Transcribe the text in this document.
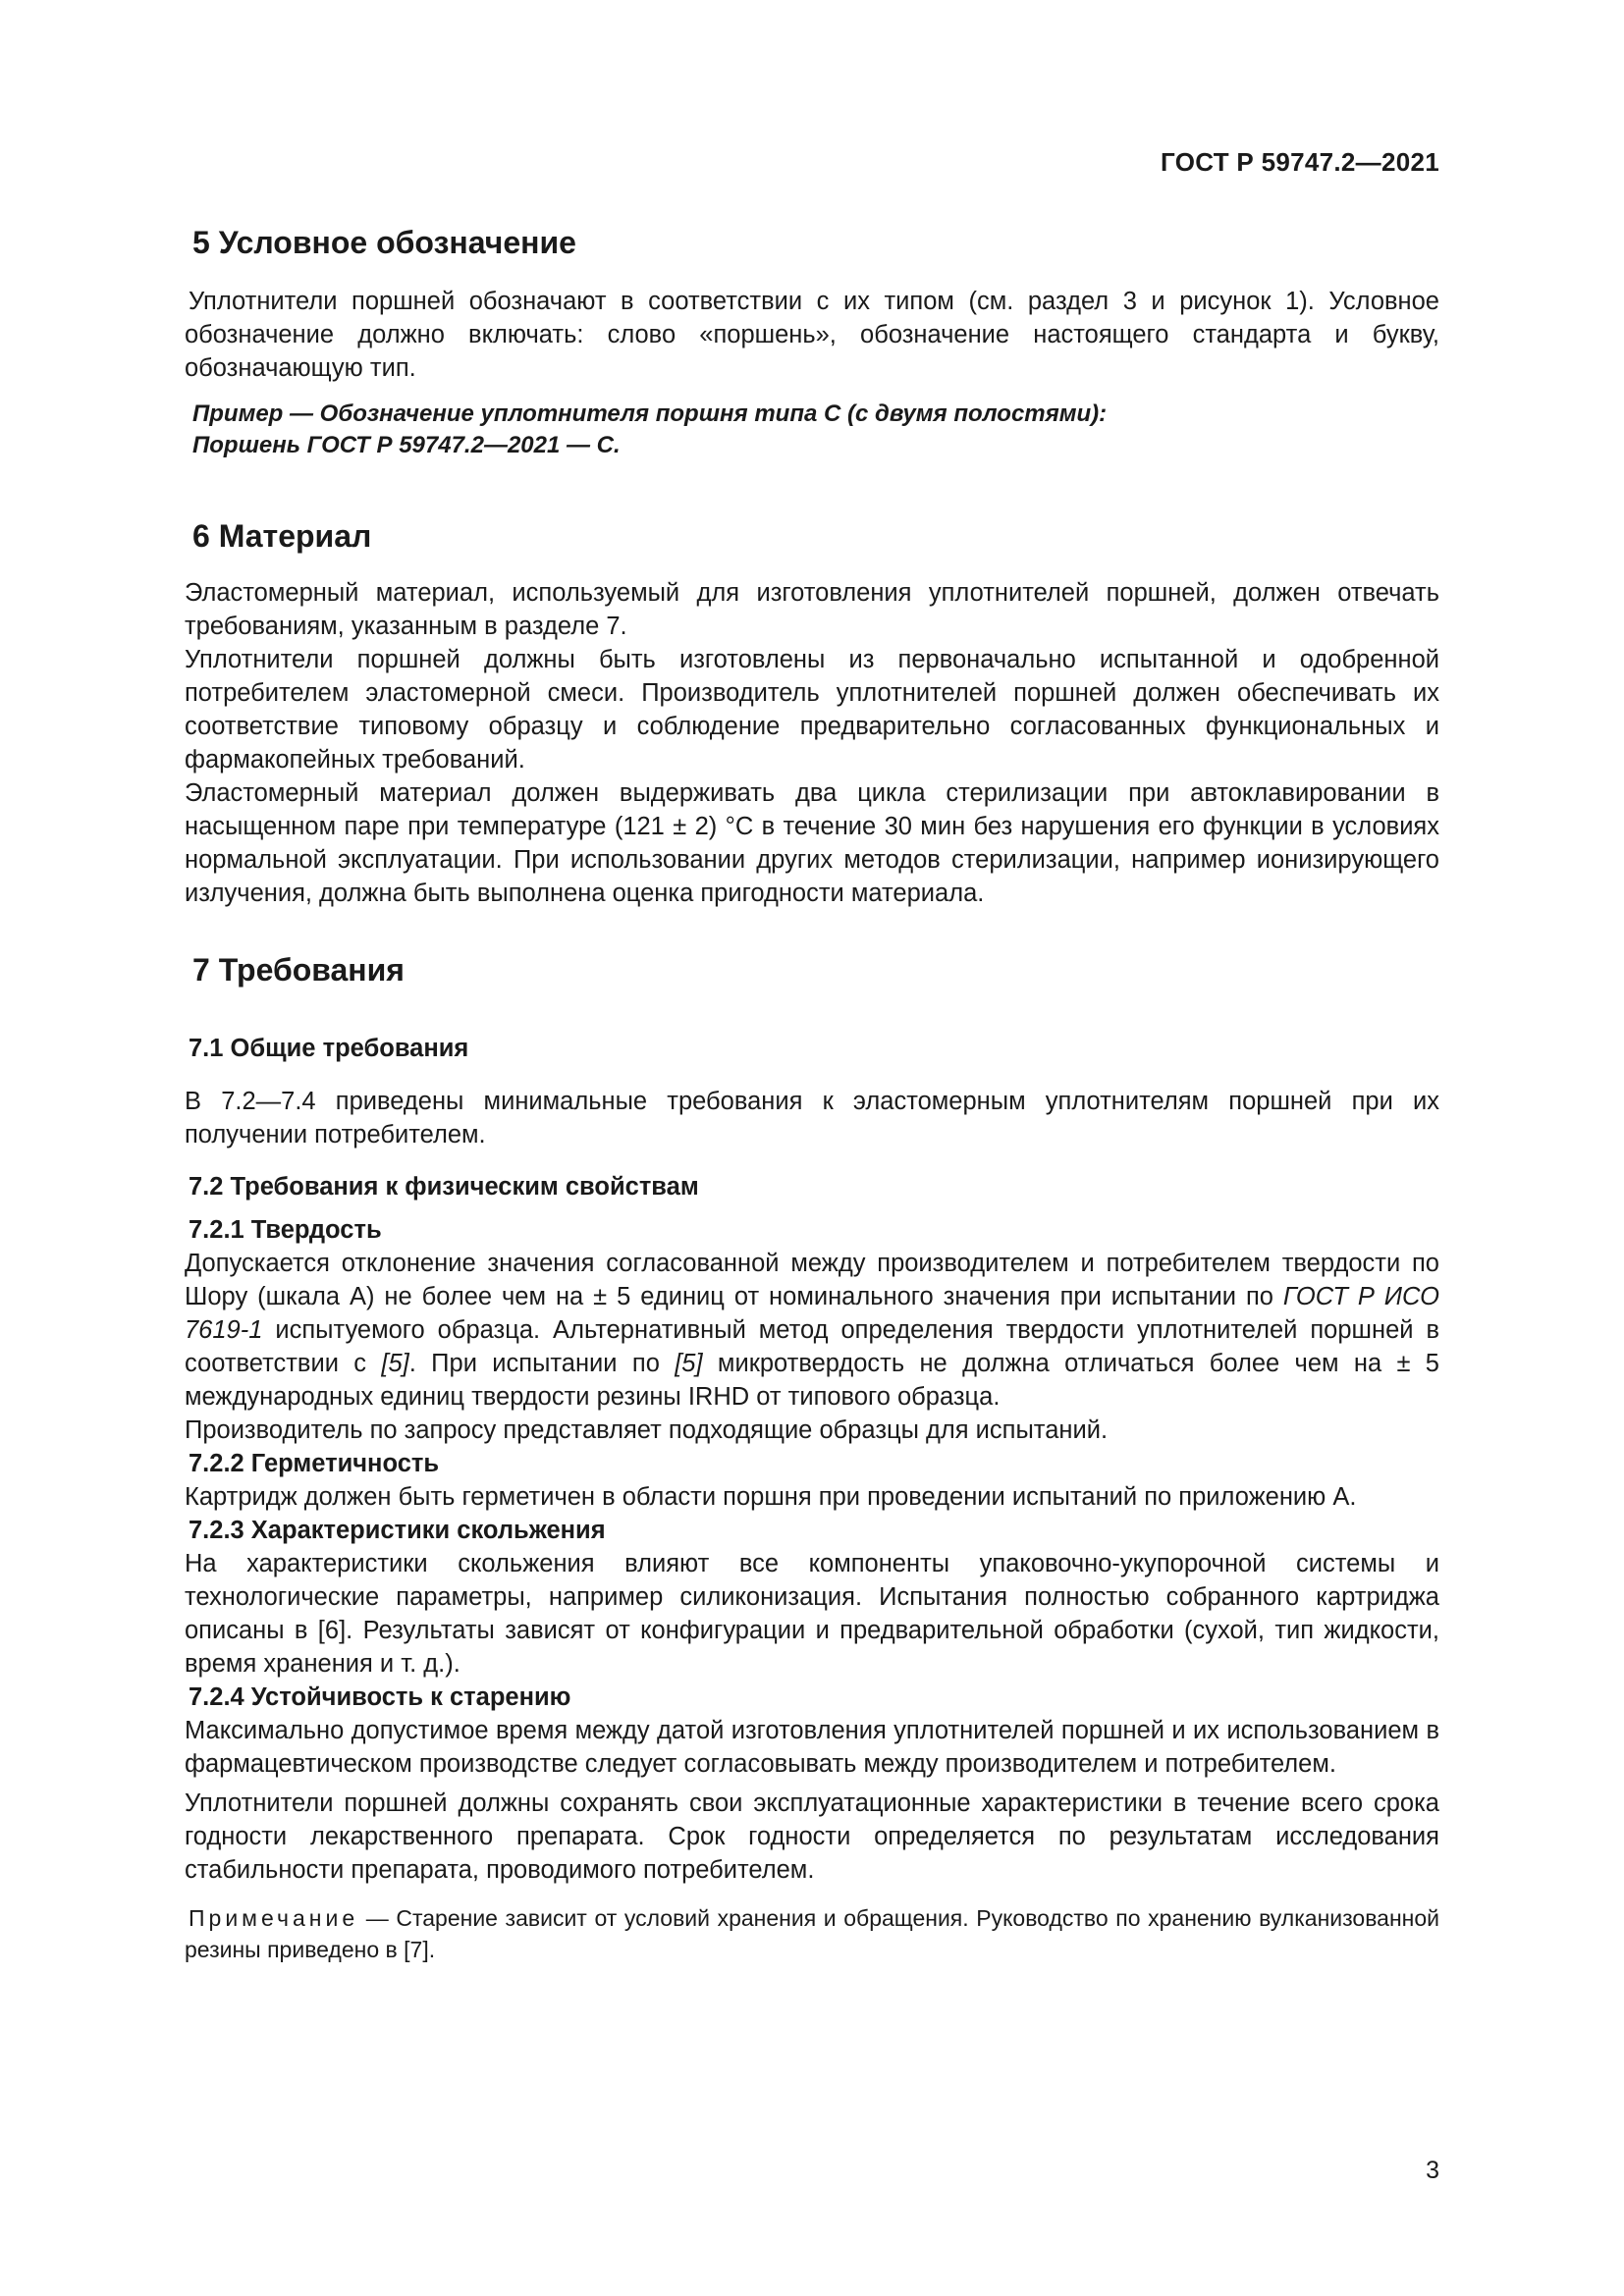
ГОСТ Р 59747.2—2021
5 Условное обозначение

Уплотнители поршней обозначают в соответствии с их типом (см. раздел 3 и рисунок 1). Условное обозначение должно включать: слово «поршень», обозначение настоящего стандарта и букву, обозначающую тип.

Пример — Обозначение уплотнителя поршня типа С (с двумя полостями):

Поршень ГОСТ Р 59747.2—2021 — С.

6 Материал

Эластомерный материал, используемый для изготовления уплотнителей поршней, должен отвечать требованиям, указанным в разделе 7.

Уплотнители поршней должны быть изготовлены из первоначально испытанной и одобренной потребителем эластомерной смеси. Производитель уплотнителей поршней должен обеспечивать их соответствие типовому образцу и соблюдение предварительно согласованных функциональных и фармакопейных требований.

Эластомерный материал должен выдерживать два цикла стерилизации при автоклавировании в насыщенном паре при температуре (121 ± 2) °С в течение 30 мин без нарушения его функции в условиях нормальной эксплуатации. При использовании других методов стерилизации, например ионизирующего излучения, должна быть выполнена оценка пригодности материала.

7 Требования
7.1 Общие требования

В 7.2—7.4 приведены минимальные требования к эластомерным уплотнителям поршней при их получении потребителем.

7.2 Требования к физическим свойствам
7.2.1 Твердость

Допускается отклонение значения согласованной между производителем и потребителем твердости по Шору (шкала А) не более чем на ± 5 единиц от номинального значения при испытании по ГОСТ Р ИСО 7619-1 испытуемого образца. Альтернативный метод определения твердости уплотнителей поршней в соответствии с [5]. При испытании по [5] микротвердость не должна отличаться более чем на ± 5 международных единиц твердости резины IRHD от типового образца.

Производитель по запросу представляет подходящие образцы для испытаний.

7.2.2 Герметичность

Картридж должен быть герметичен в области поршня при проведении испытаний по приложению А.

7.2.3 Характеристики скольжения

На характеристики скольжения влияют все компоненты упаковочно-укупорочной системы и технологические параметры, например силиконизация. Испытания полностью собранного картриджа описаны в [6]. Результаты зависят от конфигурации и предварительной обработки (сухой, тип жидкости, время хранения и т. д.).

7.2.4 Устойчивость к старению

Максимально допустимое время между датой изготовления уплотнителей поршней и их использованием в фармацевтическом производстве следует согласовывать между производителем и потребителем.

Уплотнители поршней должны сохранять свои эксплуатационные характеристики в течение всего срока годности лекарственного препарата. Срок годности определяется по результатам исследования стабильности препарата, проводимого потребителем.

Примечание — Старение зависит от условий хранения и обращения. Руководство по хранению вулканизованной резины приведено в [7].

3
